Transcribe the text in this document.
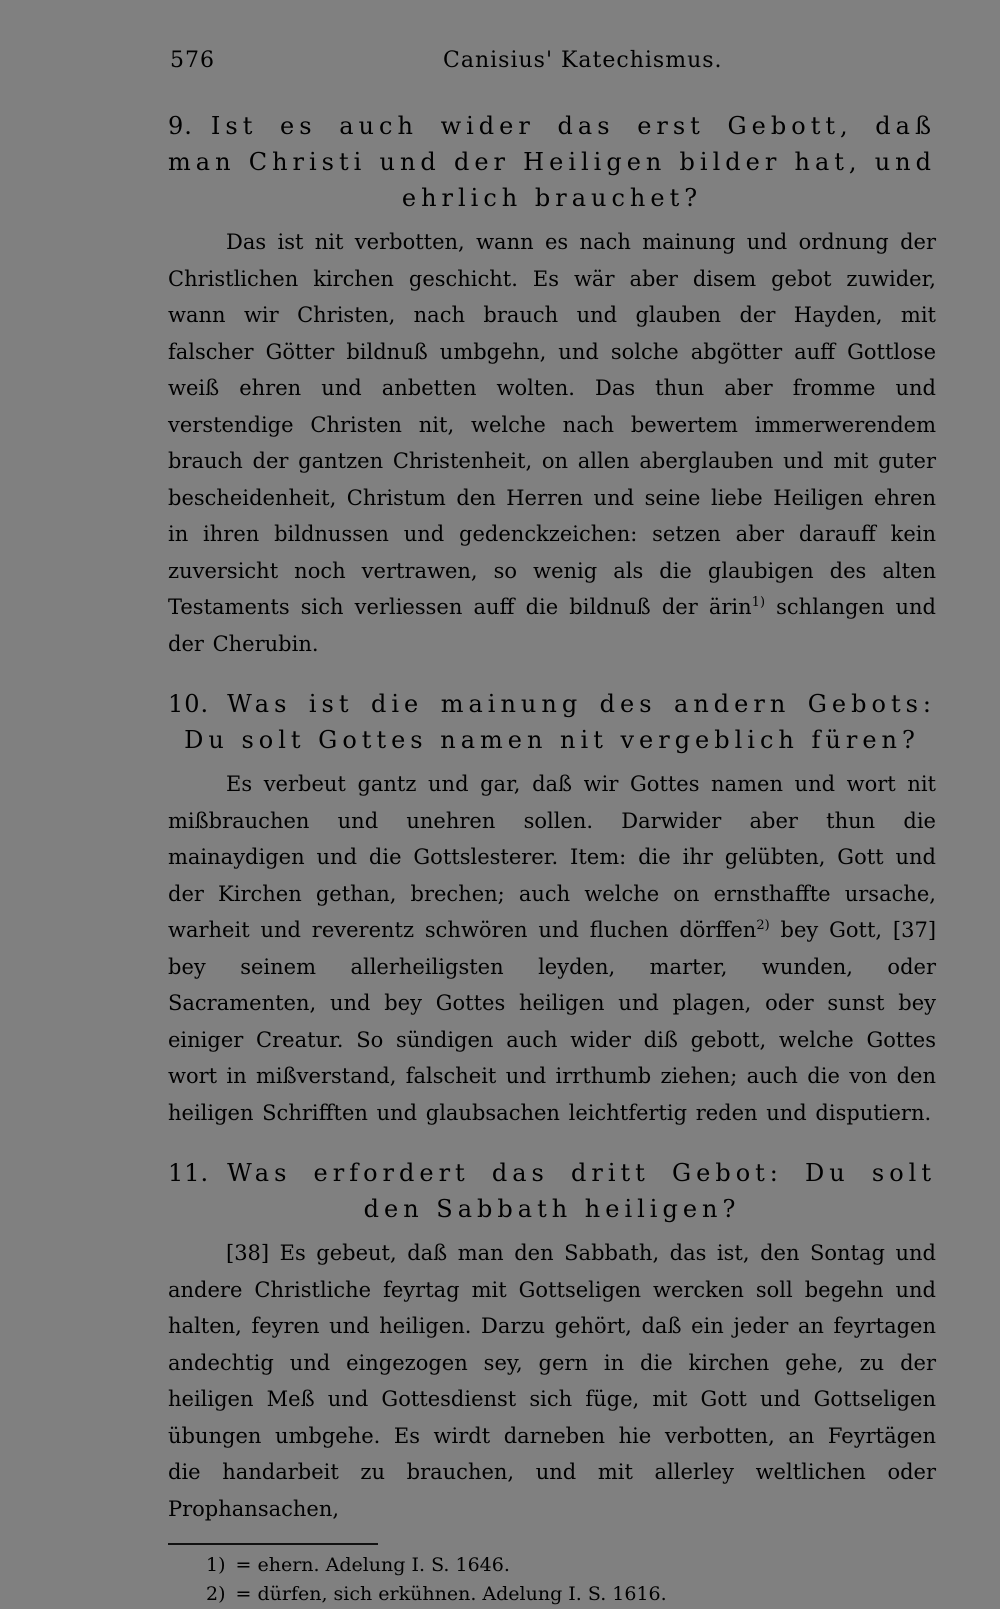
576	Canisius' Katechismus.

9. Ist es auch wider das erst Gebott, daß man Christi und der Heiligen bilder hat, und ehrlich brauchet?

Das ist nit verbotten, wann es nach mainung und ordnung der Christlichen kirchen geschicht. Es wär aber disem gebot zuwider, wann wir Christen, nach brauch und glauben der Hayden, mit falscher Götter bildnuß umbgehn, und solche abgötter auff Gottlose weiß ehren und anbetten wolten. Das thun aber fromme und verstendige Christen nit, welche nach bewertem immerwerendem brauch der gantzen Christenheit, on allen aberglauben und mit guter bescheidenheit, Christum den Herren und seine liebe Heiligen ehren in ihren bildnussen und gedenckzeichen: setzen aber darauff kein zuversicht noch vertrawen, so wenig als die glaubigen des alten Testaments sich verliessen auff die bildnuß der ärin$^{1)}$ schlangen und der Cherubin.

10. Was ist die mainung des andern Gebots: Du solt Gottes namen nit vergeblich füren?

Es verbeut gantz und gar, daß wir Gottes namen und wort nit mißbrauchen und unehren sollen. Darwider aber thun die mainaydigen und die Gottslesterer. Item: die ihr gelübten, Gott und der Kirchen gethan, brechen; auch welche on ernsthaffte ursache, warheit und reverentz schwören und fluchen dörffen$^{2)}$ bey Gott, [37] bey seinem allerheiligsten leyden, marter, wunden, oder Sacramenten, und bey Gottes heiligen und plagen, oder sunst bey einiger Creatur. So sündigen auch wider diß gebott, welche Gottes wort in mißverstand, falscheit und irrthumb ziehen; auch die von den heiligen Schrifften und glaubsachen leichtfertig reden und disputiern.

11. Was erfordert das dritt Gebot: Du solt den Sabbath heiligen?

[38] Es gebeut, daß man den Sabbath, das ist, den Sontag und andere Christliche feyrtag mit Gottseligen wercken soll begehn und halten, feyren und heiligen. Darzu gehört, daß ein jeder an feyrtagen andechtig und eingezogen sey, gern in die kirchen gehe, zu der heiligen Meß und Gottesdienst sich füge, mit Gott und Gottseligen übungen umbgehe. Es wirdt darneben hie verbotten, an Feyrtägen die handarbeit zu brauchen, und mit allerley weltlichen oder Prophansachen,

1) = ehern. Adelung I. S. 1646.
2) = dürfen, sich erkühnen. Adelung I. S. 1616.
